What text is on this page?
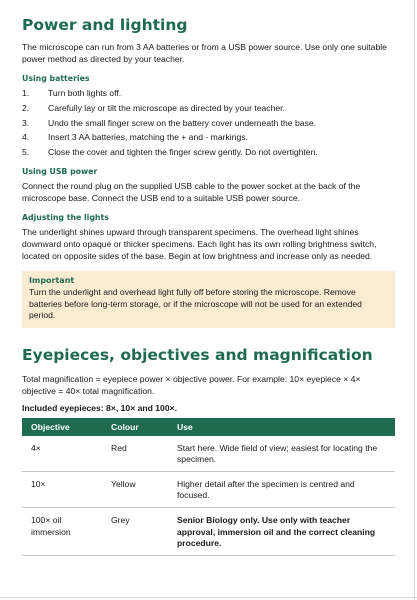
Power and lighting

The microscope can run from 3 AA batteries or from a USB power source. Use only one suitable power method as directed by your teacher.

Using batteries
1.	Turn both lights off.
2.	Carefully lay or tilt the microscope as directed by your teacher.
3.	Undo the small finger screw on the battery cover underneath the base.
4.	Insert 3 AA batteries, matching the + and - markings.
5.	Close the cover and tighten the finger screw gently. Do not overtighten.
Using USB power

Connect the round plug on the supplied USB cable to the power socket at the back of the microscope base. Connect the USB end to a suitable USB power source.

Adjusting the lights

The underlight shines upward through transparent specimens. The overhead light shines downward onto opaque or thicker specimens. Each light has its own rolling brightness switch, located on opposite sides of the base. Begin at low brightness and increase only as needed.

Important

Turn the underlight and overhead light fully off before storing the microscope. Remove batteries before long-term storage, or if the microscope will not be used for an extended period.

Eyepieces, objectives and magnification

Total magnification = eyepiece power × objective power. For example: 10× eyepiece × 4× objective = 40× total magnification.

Included eyepieces: 8×, 10× and 100×.
Objective	Colour	Use
4×	Red	Start here. Wide field of view; easiest for locating the specimen.
10×	Yellow	Higher detail after the specimen is centred and focused.
100× oil immersion	Grey	Senior Biology only. Use only with teacher approval, immersion oil and the correct cleaning procedure.
